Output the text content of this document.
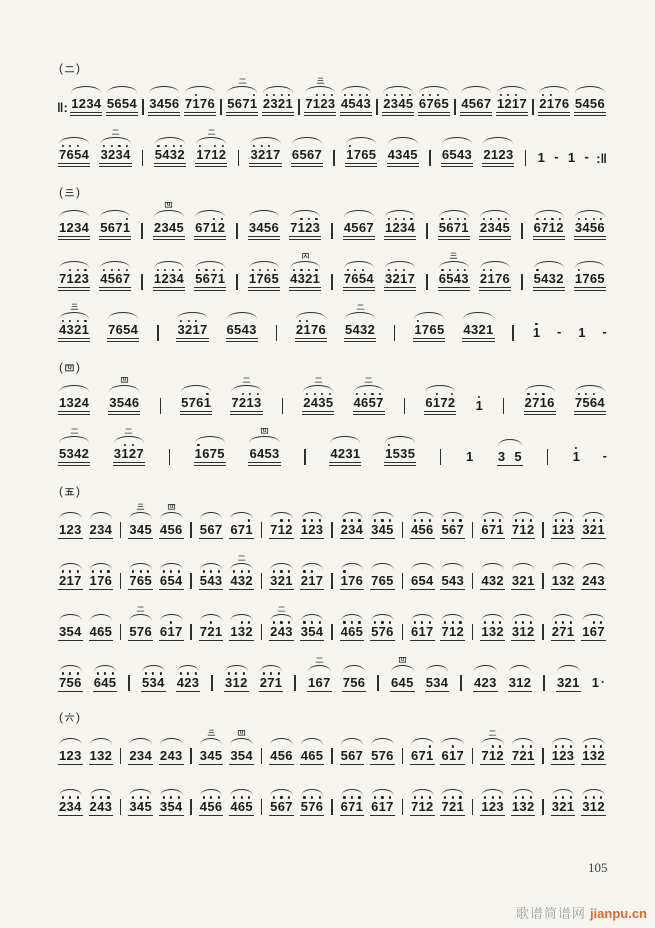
( )
‖: 1 2 3 4 5 6 5 4 3 4 5 6 7 1 7 6 5 6 7 1 2 3 2 1 7 1 2 3 4 5 4 3 2 3 4 5 6 7 6 5 4 5 6 7 1 2 1 7 2 1 7 6 5 4 5 6
7 6 5 4 3 2 3 4 5 4 3 2 1 7 1 2 3 2 1 7 6 5 6 7 1 7 6 5 4 3 4 5 6 5 4 3 2 1 2 3 1 - 1 - :‖
( )
1 2 3 4 5 6 7 1 2 3 4 5 6 7 1 2 3 4 5 6 7 1 2 3 4 5 6 7 1 2 3 4 5 6 7 1 2 3 4 5 6 7 1 2 3 4 5 6
7 1 2 3 4 5 6 7 1 2 3 4 5 6 7 1 1 7 6 5 4 3 2 1 7 6 5 4 3 2 1 7 6 5 4 3 2 1 7 6 5 4 3 2 1 7 6 5
4 3 2 1 7 6 5 4	3 2 1 7 6 5 4 3	2 1 7 6 5 4 3 2	1 7 6 5 4 3 2 1	1 - 1 -
( )
1 3 2 4 3 5 4 6	5 7 6 1 7 2 1 3	2 4 3 5 4 6 5 7	6 1 7 2 1	2 7 1 6 7 5 6 4
5 3 4 2 3 1 2 7	1 6 7 5 6 4 5 3	4 2 3 1 1 5 3 5	1 3 5	1 -
( )
1 2 3 2 3 4 3 4 5 4 5 6 5 6 7 6 7 1 7 1 2 1 2 3 2 3 4 3 4 5 4 5 6 5 6 7 6 7 1 7 1 2 1 2 3 3 2 1
2 1 7 1 7 6 7 6 5 6 5 4 5 4 3 4 3 2 3 2 1 2 1 7 1 7 6 7 6 5 6 5 4 5 4 3 4 3 2 3 2 1 1 3 2 2 4 3
3 5 4 4 6 5 5 7 6 6 1 7 7 2 1 1 3 2 2 4 3 3 5 4 4 6 5 5 7 6 6 1 7 7 1 2 1 3 2 3 1 2 2 7 1 1 6 7
7 5 6 6 4 5 5 3 4 4 2 3 3 1 2 2 7 1 1 6 7 7 5 6 6 4 5 5 3 4 4 2 3 3 1 2 3 2 1 1 ·
( )
1 2 3 1 3 2 2 3 4 2 4 3 3 4 5 3 5 4 4 5 6 4 6 5 5 6 7 5 7 6 6 7 1 6 1 7 7 1 2 7 2 1 1 2 3 1 3 2
2 3 4 2 4 3 3 4 5 3 5 4 4 5 6 4 6 5 5 6 7 5 7 6 6 7 1 6 1 7 7 1 2 7 2 1 1 2 3 1 3 2 3 2 1 3 1 2
105
歌谱简谱网 jianpu.cn
